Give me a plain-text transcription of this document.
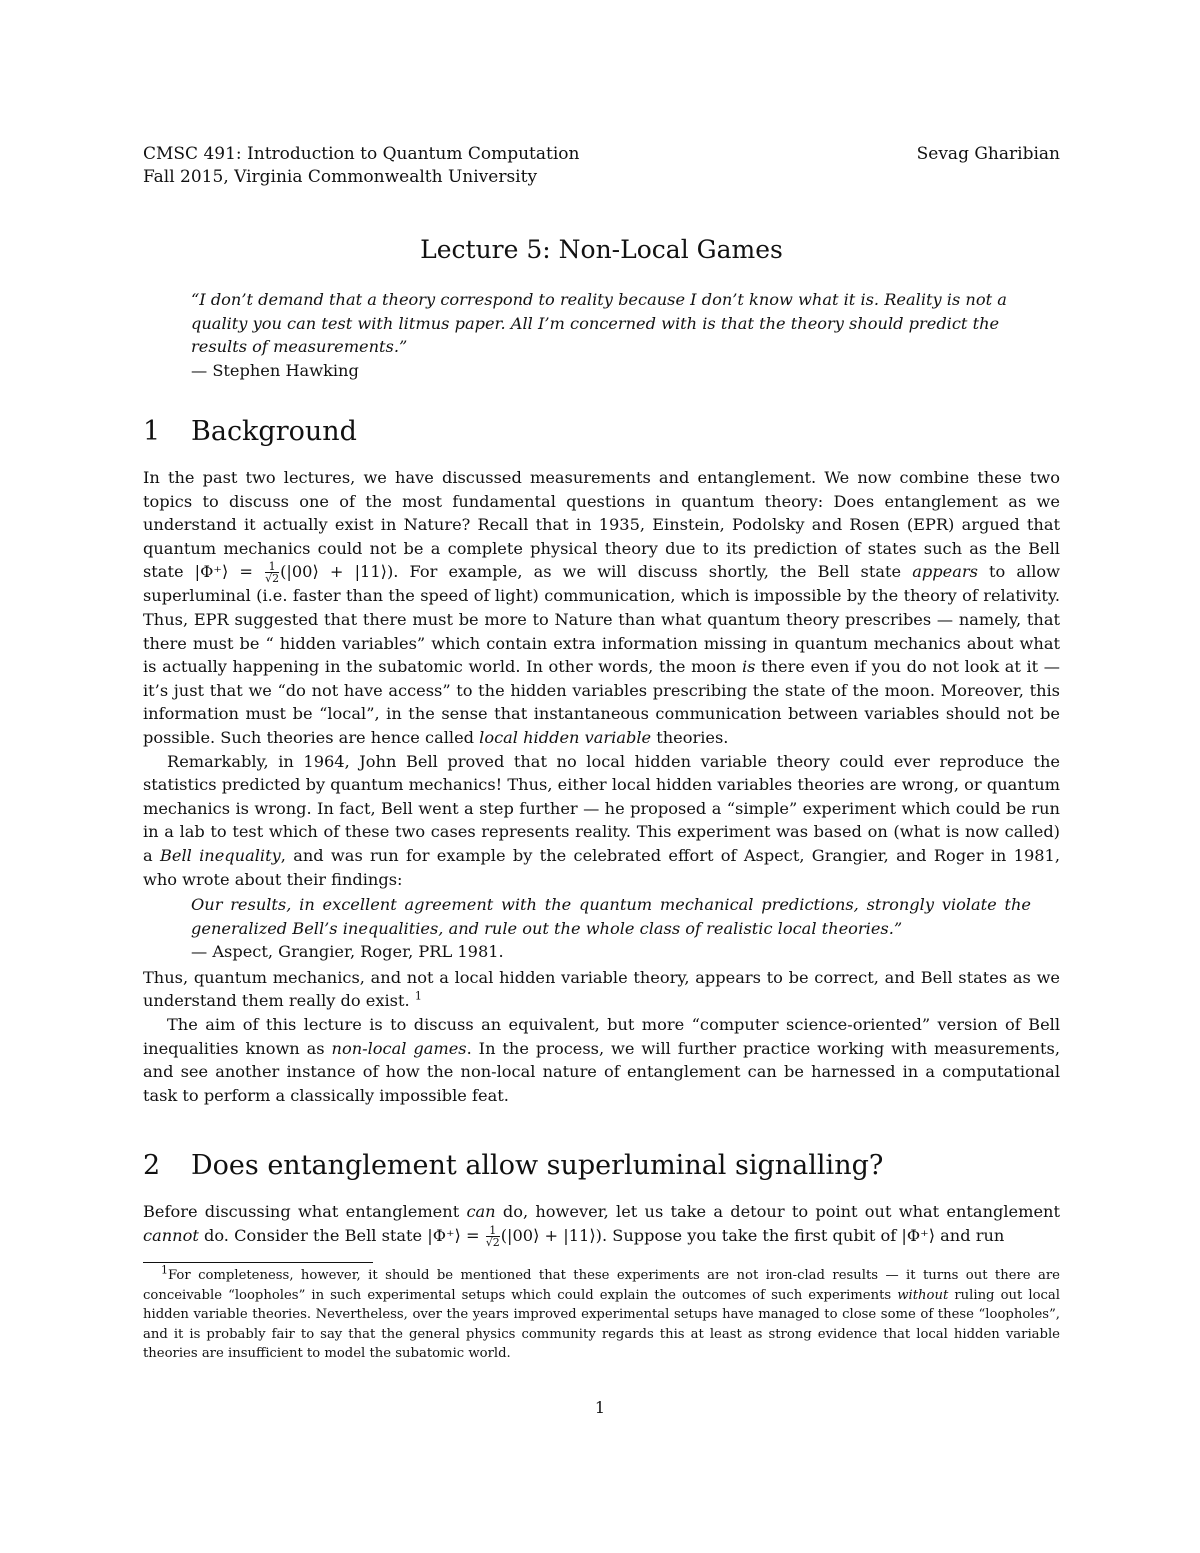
CMSC 491: Introduction to Quantum Computation	Sevag Gharibian
Fall 2015, Virginia Commonwealth University
Lecture 5: Non-Local Games
“I don’t demand that a theory correspond to reality because I don’t know what it is. Reality is not a quality you can test with litmus paper. All I’m concerned with is that the theory should predict the results of measurements.”
— Stephen Hawking
1 Background

In the past two lectures, we have discussed measurements and entanglement. We now combine these two topics to discuss one of the most fundamental questions in quantum theory: Does entanglement as we understand it actually exist in Nature? Recall that in 1935, Einstein, Podolsky and Rosen (EPR) argued that quantum mechanics could not be a complete physical theory due to its prediction of states such as the Bell state |Φ⁺⟩ = $\frac{1}{√2}$ (|00⟩ + |11⟩). For example, as we will discuss shortly, the Bell state appears to allow superluminal (i.e. faster than the speed of light) communication, which is impossible by the theory of relativity. Thus, EPR suggested that there must be more to Nature than what quantum theory prescribes — namely, that there must be “ hidden variables” which contain extra information missing in quantum mechanics about what is actually happening in the subatomic world. In other words, the moon is there even if you do not look at it — it’s just that we “do not have access” to the hidden variables prescribing the state of the moon. Moreover, this information must be “local”, in the sense that instantaneous communication between variables should not be possible. Such theories are hence called local hidden variable theories.

Remarkably, in 1964, John Bell proved that no local hidden variable theory could ever reproduce the statistics predicted by quantum mechanics! Thus, either local hidden variables theories are wrong, or quantum mechanics is wrong. In fact, Bell went a step further — he proposed a “simple” experiment which could be run in a lab to test which of these two cases represents reality. This experiment was based on (what is now called) a Bell inequality, and was run for example by the celebrated effort of Aspect, Grangier, and Roger in 1981, who wrote about their findings:

Our results, in excellent agreement with the quantum mechanical predictions, strongly violate the generalized Bell’s inequalities, and rule out the whole class of realistic local theories.”
— Aspect, Grangier, Roger, PRL 1981.

Thus, quantum mechanics, and not a local hidden variable theory, appears to be correct, and Bell states as we understand them really do exist. $^1$

The aim of this lecture is to discuss an equivalent, but more “computer science-oriented” version of Bell inequalities known as non-local games. In the process, we will further practice working with measurements, and see another instance of how the non-local nature of entanglement can be harnessed in a computational task to perform a classically impossible feat.

2 Does entanglement allow superluminal signalling?

Before discussing what entanglement can do, however, let us take a detour to point out what entanglement cannot do. Consider the Bell state |Φ⁺⟩ = $\frac{1}{√2}$ (|00⟩ + |11⟩). Suppose you take the first qubit of |Φ⁺⟩ and run

$^1$For completeness, however, it should be mentioned that these experiments are not iron-clad results — it turns out there are conceivable “loopholes” in such experimental setups which could explain the outcomes of such experiments without ruling out local hidden variable theories. Nevertheless, over the years improved experimental setups have managed to close some of these “loopholes”, and it is probably fair to say that the general physics community regards this at least as strong evidence that local hidden variable theories are insufficient to model the subatomic world.
1
